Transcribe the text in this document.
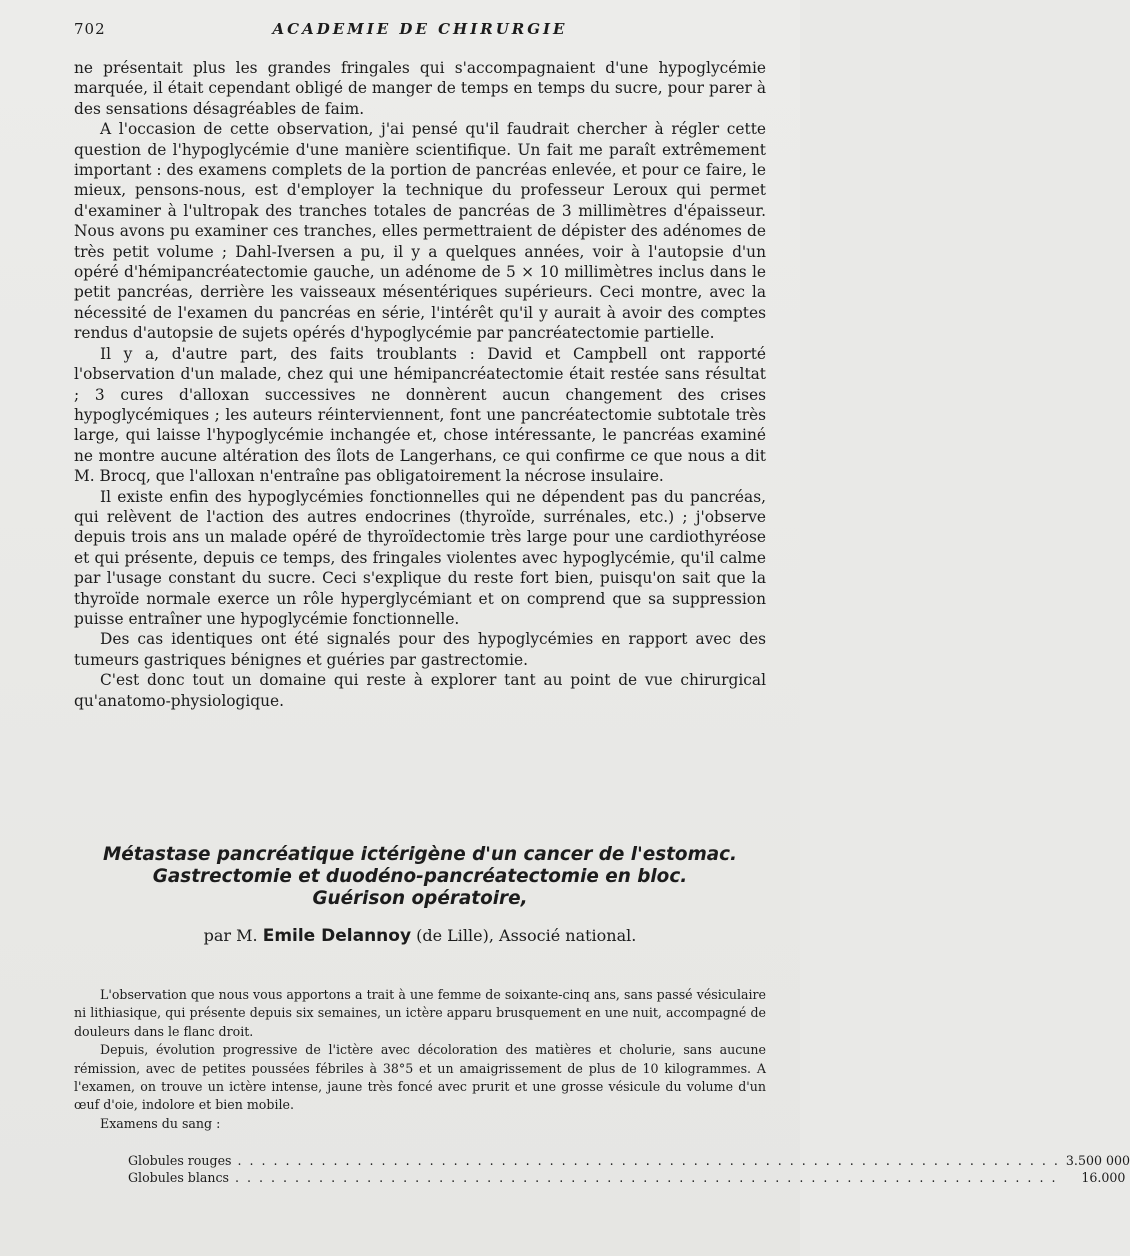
702	ACADEMIE DE CHIRURGIE

ne présentait plus les grandes fringales qui s'accompagnaient d'une hypoglycémie marquée, il était cependant obligé de manger de temps en temps du sucre, pour parer à des sensations désagréables de faim.

A l'occasion de cette observation, j'ai pensé qu'il faudrait chercher à régler cette question de l'hypoglycémie d'une manière scientifique. Un fait me paraît extrêmement important : des examens complets de la portion de pancréas enlevée, et pour ce faire, le mieux, pensons-nous, est d'employer la technique du professeur Leroux qui permet d'examiner à l'ultropak des tranches totales de pancréas de 3 millimètres d'épaisseur. Nous avons pu examiner ces tranches, elles permettraient de dépister des adénomes de très petit volume ; Dahl-Iversen a pu, il y a quelques années, voir à l'autopsie d'un opéré d'hémipancréatectomie gauche, un adénome de 5 × 10 millimètres inclus dans le petit pancréas, derrière les vaisseaux mésentériques supérieurs. Ceci montre, avec la nécessité de l'examen du pancréas en série, l'intérêt qu'il y aurait à avoir des comptes rendus d'autopsie de sujets opérés d'hypoglycémie par pancréatectomie partielle.

Il y a, d'autre part, des faits troublants : David et Campbell ont rapporté l'observation d'un malade, chez qui une hémipancréatectomie était restée sans résultat ; 3 cures d'alloxan successives ne donnèrent aucun changement des crises hypoglycémiques ; les auteurs réinterviennent, font une pancréatectomie subtotale très large, qui laisse l'hypoglycémie inchangée et, chose intéressante, le pancréas examiné ne montre aucune altération des îlots de Langerhans, ce qui confirme ce que nous a dit M. Brocq, que l'alloxan n'entraîne pas obligatoirement la nécrose insulaire.

Il existe enfin des hypoglycémies fonctionnelles qui ne dépendent pas du pancréas, qui relèvent de l'action des autres endocrines (thyroïde, surrénales, etc.) ; j'observe depuis trois ans un malade opéré de thyroïdectomie très large pour une cardiothyréose et qui présente, depuis ce temps, des fringales violentes avec hypoglycémie, qu'il calme par l'usage constant du sucre. Ceci s'explique du reste fort bien, puisqu'on sait que la thyroïde normale exerce un rôle hyperglycémiant et on comprend que sa suppression puisse entraîner une hypoglycémie fonctionnelle.

Des cas identiques ont été signalés pour des hypoglycémies en rapport avec des tumeurs gastriques bénignes et guéries par gastrectomie.

C'est donc tout un domaine qui reste à explorer tant au point de vue chirurgical qu'anatomo-physiologique.

Métastase pancréatique ictérigène d'un cancer de l'estomac.
Gastrectomie et duodéno-pancréatectomie en bloc.
Guérison opératoire,
par M. Emile Delannoy (de Lille), Associé national.

L'observation que nous vous apportons a trait à une femme de soixante-cinq ans, sans passé vésiculaire ni lithiasique, qui présente depuis six semaines, un ictère apparu brusquement en une nuit, accompagné de douleurs dans le flanc droit.

Depuis, évolution progressive de l'ictère avec décoloration des matières et cholurie, sans aucune rémission, avec de petites poussées fébriles à 38°5 et un amaigrissement de plus de 10 kilogrammes. A l'examen, on trouve un ictère intense, jaune très foncé avec prurit et une grosse vésicule du volume d'un œuf d'oie, indolore et bien mobile.

Examens du sang :

Globules rouges . . . . . . . . . . . . . . . . . . . . . . . . . . . . . . . . . . . . . . . . . . . . . . . . . . . . . . . . . . . . . . . . . . . . . 3.500 000
Globules blancs . . . . . . . . . . . . . . . . . . . . . . . . . . . . . . . . . . . . . . . . . . . . . . . . . . . . . . . . . . . . . . . . . . . . .	16.000
